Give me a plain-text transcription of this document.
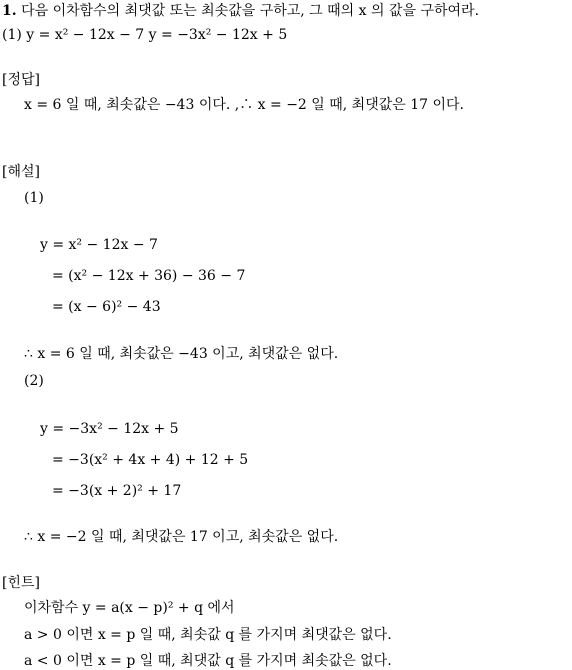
1. 다음 이차함수의 최댓값 또는 최솟값을 구하고, 그 때의 x 의 값을 구하여라.
(1) y = x² − 12x − 7 y = −3x² − 12x + 5
[정답]
x = 6 일 때, 최솟값은 −43 이다. ,∴ x = −2 일 때, 최댓값은 17 이다.
[해설]
(1)
y = x² − 12x − 7
= (x² − 12x + 36) − 36 − 7
= (x − 6)² − 43
∴ x = 6 일 때, 최솟값은 −43 이고, 최댓값은 없다.
(2)
y = −3x² − 12x + 5
= −3(x² + 4x + 4) + 12 + 5
= −3(x + 2)² + 17
∴ x = −2 일 때, 최댓값은 17 이고, 최솟값은 없다.
[힌트]
이차함수 y = a(x − p)² + q 에서
a > 0 이면 x = p 일 때, 최솟값 q 를 가지며 최댓값은 없다.
a < 0 이면 x = p 일 때, 최댓값 q 를 가지며 최솟값은 없다.
